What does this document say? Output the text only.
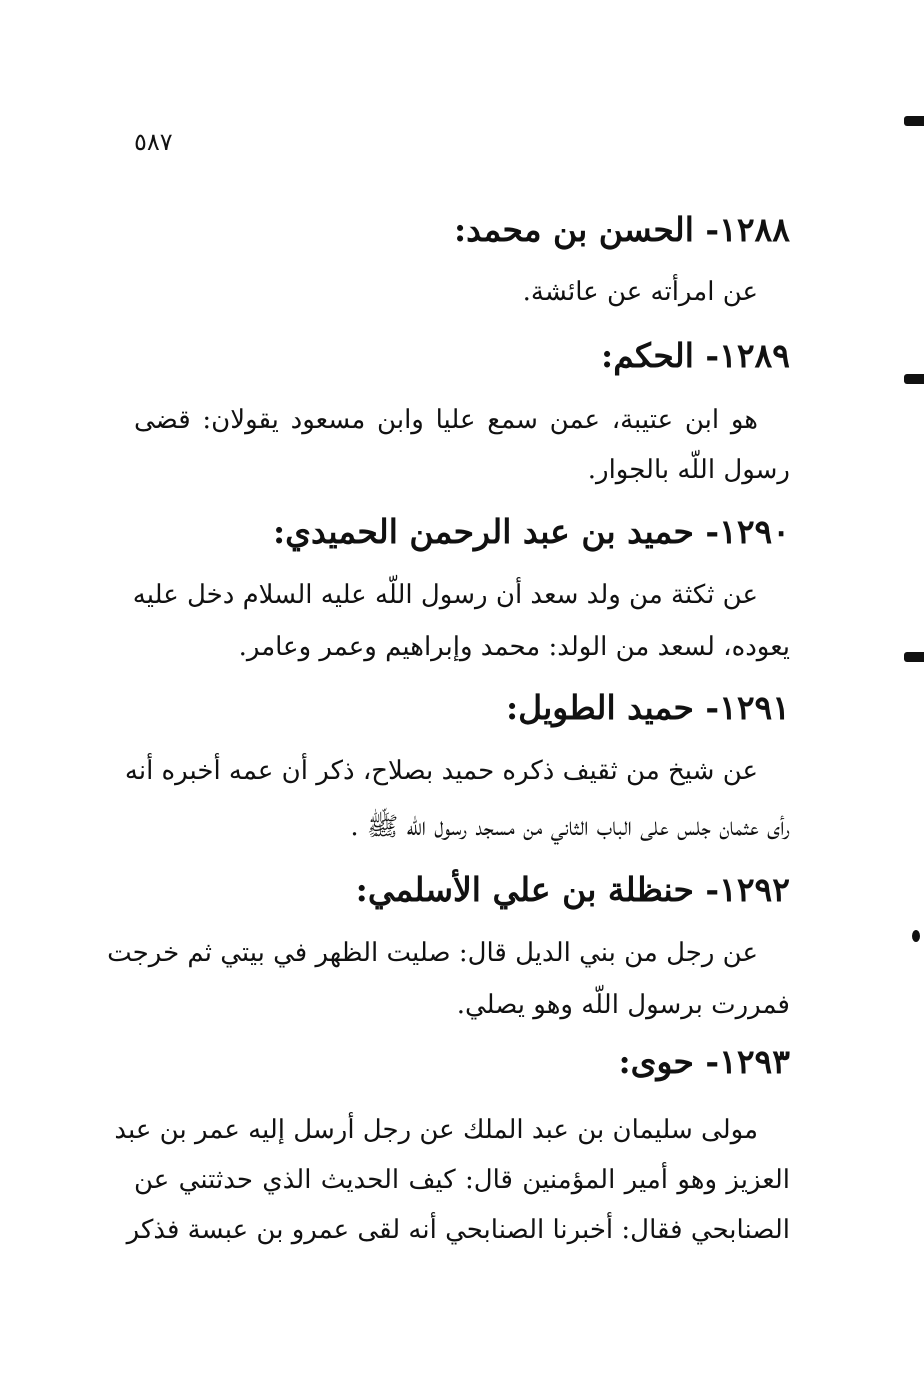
٥٨٧
١٢٨٨- الحسن بن محمد:
عن امرأته عن عائشة.
١٢٨٩- الحكم:
هو ابن عتيبة، عمن سمع عليا وابن مسعود يقولان: قضى
رسول اللّه بالجوار.
١٢٩٠- حميد بن عبد الرحمن الحميدي:
عن ثكثة من ولد سعد أن رسول اللّه عليه السلام دخل عليه
يعوده، لسعد من الولد: محمد وإبراهيم وعمر وعامر.
١٢٩١- حميد الطويل:
عن شيخ من ثقيف ذكره حميد بصلاح، ذكر أن عمه أخبره أنه
رأى عثمان جلس على الباب الثاني من مسجد رسول اللّه ﷺ .
١٢٩٢- حنظلة بن علي الأسلمي:
عن رجل من بني الديل قال: صليت الظهر في بيتي ثم خرجت
فمررت برسول اللّه وهو يصلي.
١٢٩٣- حوى:
مولى سليمان بن عبد الملك عن رجل أرسل إليه عمر بن عبد
العزيز وهو أمير المؤمنين قال: كيف الحديث الذي حدثتني عن
الصنابحي فقال: أخبرنا الصنابحي أنه لقى عمرو بن عبسة فذكر
